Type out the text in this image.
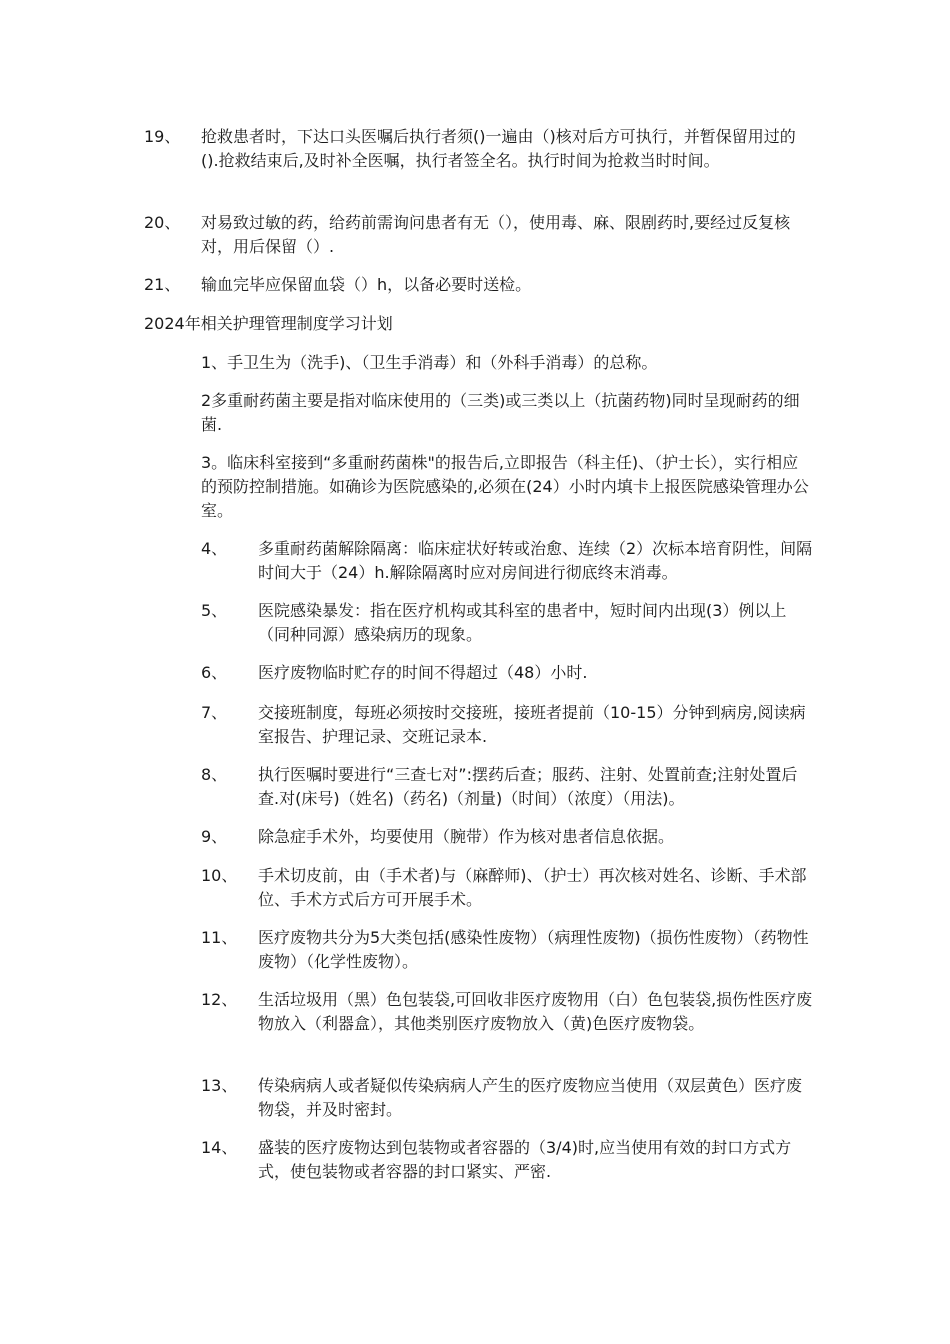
19、	抢救患者时，下达口头医嘱后执行者须()一遍由（)核对后方可执行，并暂保留用过的().抢救结束后,及时补全医嘱，执行者签全名。执行时间为抢救当时时间。
20、	对易致过敏的药，给药前需询问患者有无（），使用毒、麻、限剧药时,要经过反复核对，用后保留（）.
21、	输血完毕应保留血袋（）h，以备必要时送检。
2024年相关护理管理制度学习计划
1、手卫生为（洗手)、（卫生手消毒）和（外科手消毒）的总称。
2多重耐药菌主要是指对临床使用的（三类)或三类以上（抗菌药物)同时呈现耐药的细菌.
3。临床科室接到“多重耐药菌株"的报告后,立即报告（科主任)、（护士长），实行相应的预防控制措施。如确诊为医院感染的,必须在(24）小时内填卡上报医院感染管理办公室。
4、	多重耐药菌解除隔离：临床症状好转或治愈、连续（2）次标本培育阴性，间隔时间大于（24）h.解除隔离时应对房间进行彻底终末消毒。
5、	医院感染暴发：指在医疗机构或其科室的患者中，短时间内出现(3）例以上（同种同源）感染病历的现象。
6、	医疗废物临时贮存的时间不得超过（48）小时.
7、	交接班制度，每班必须按时交接班，接班者提前（10-15）分钟到病房,阅读病室报告、护理记录、交班记录本.
8、	执行医嘱时要进行“三查七对”:摆药后查；服药、注射、处置前查;注射处置后查.对(床号)（姓名)（药名)（剂量)（时间）（浓度）（用法)。
9、	除急症手术外，均要使用（腕带）作为核对患者信息依据。
10、	手术切皮前，由（手术者)与（麻醉师)、（护士）再次核对姓名、诊断、手术部位、手术方式后方可开展手术。
11、	医疗废物共分为5大类包括(感染性废物）（病理性废物)（损伤性废物）（药物性废物）（化学性废物）。
12、	生活垃圾用（黑）色包装袋,可回收非医疗废物用（白）色包装袋,损伤性医疗废物放入（利器盒），其他类别医疗废物放入（黄)色医疗废物袋。
13、	传染病病人或者疑似传染病病人产生的医疗废物应当使用（双层黄色）医疗废物袋，并及时密封。
14、	盛装的医疗废物达到包装物或者容器的（3/4)时,应当使用有效的封口方式方式，使包装物或者容器的封口紧实、严密.
